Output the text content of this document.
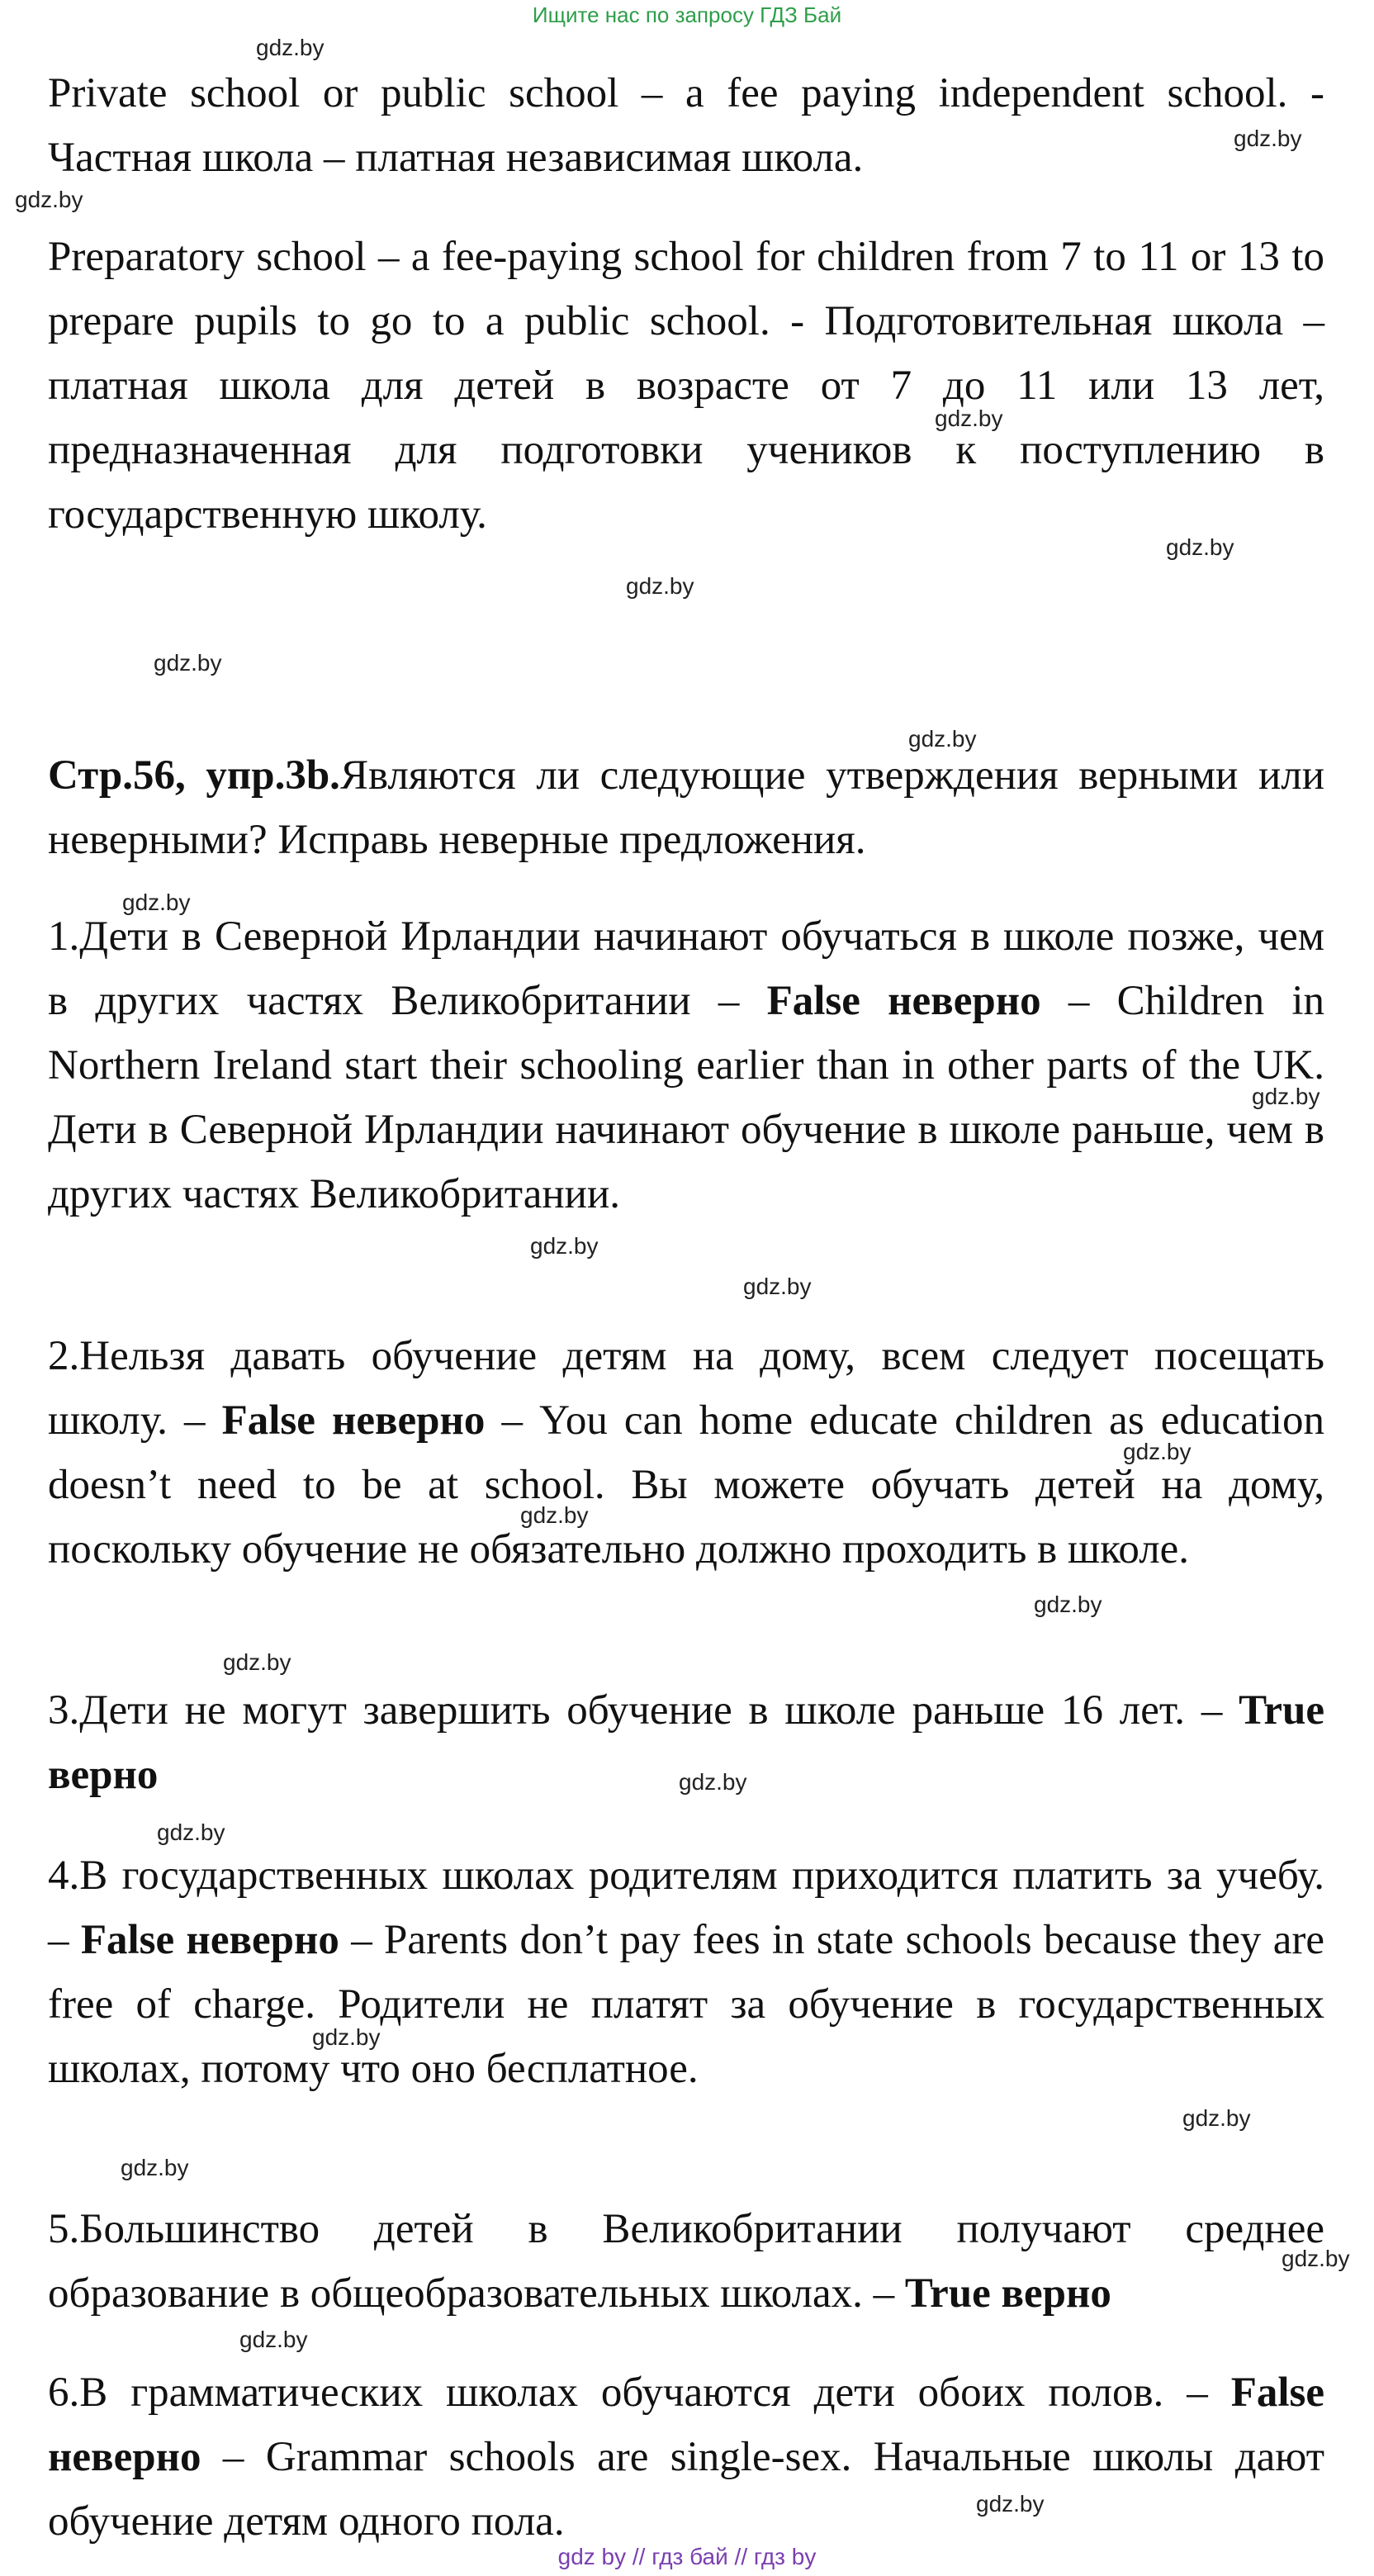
Ищите нас по запросу ГДЗ Бай

Private school or public school – a fee paying independent school. - Частная школа – платная независимая школа.

Preparatory school – a fee-paying school for children from 7 to 11 or 13 to prepare pupils to go to a public school. - Подготовительная школа – платная школа для детей в возрасте от 7 до 11 или 13 лет, предназначенная для подготовки учеников к поступлению в государственную школу.

Стр.56, упр.3b.Являются ли следующие утверждения верными или неверными? Исправь неверные предложения.

1.Дети в Северной Ирландии начинают обучаться в школе позже, чем в других частях Великобритании – False неверно – Children in Northern Ireland start their schooling earlier than in other parts of the UK. Дети в Северной Ирландии начинают обучение в школе раньше, чем в других частях Великобритании.

2.Нельзя давать обучение детям на дому, всем следует посещать школу. – False неверно – You can home educate children as education doesn’t need to be at school. Вы можете обучать детей на дому, поскольку обучение не обязательно должно проходить в школе.

3.Дети не могут завершить обучение в школе раньше 16 лет. – True верно

4.В государственных школах родителям приходится платить за учебу. – False неверно – Parents don’t pay fees in state schools because they are free of charge. Родители не платят за обучение в государственных школах, потому что оно бесплатное.

5.Большинство детей в Великобритании получают среднее образование в общеобразовательных школах. – True верно

6.В грамматических школах обучаются дети обоих полов. – False неверно – Grammar schools are single-sex. Начальные школы дают обучение детям одного пола.

gdz.by
gdz.by
gdz.by
gdz.by
gdz.by
gdz.by
gdz.by
gdz.by
gdz.by
gdz.by
gdz.by
gdz.by
gdz.by
gdz.by
gdz.by
gdz.by
gdz.by
gdz.by
gdz.by
gdz.by
gdz.by
gdz.by
gdz.by
gdz.by
gdz by // гдз бай // гдз by
